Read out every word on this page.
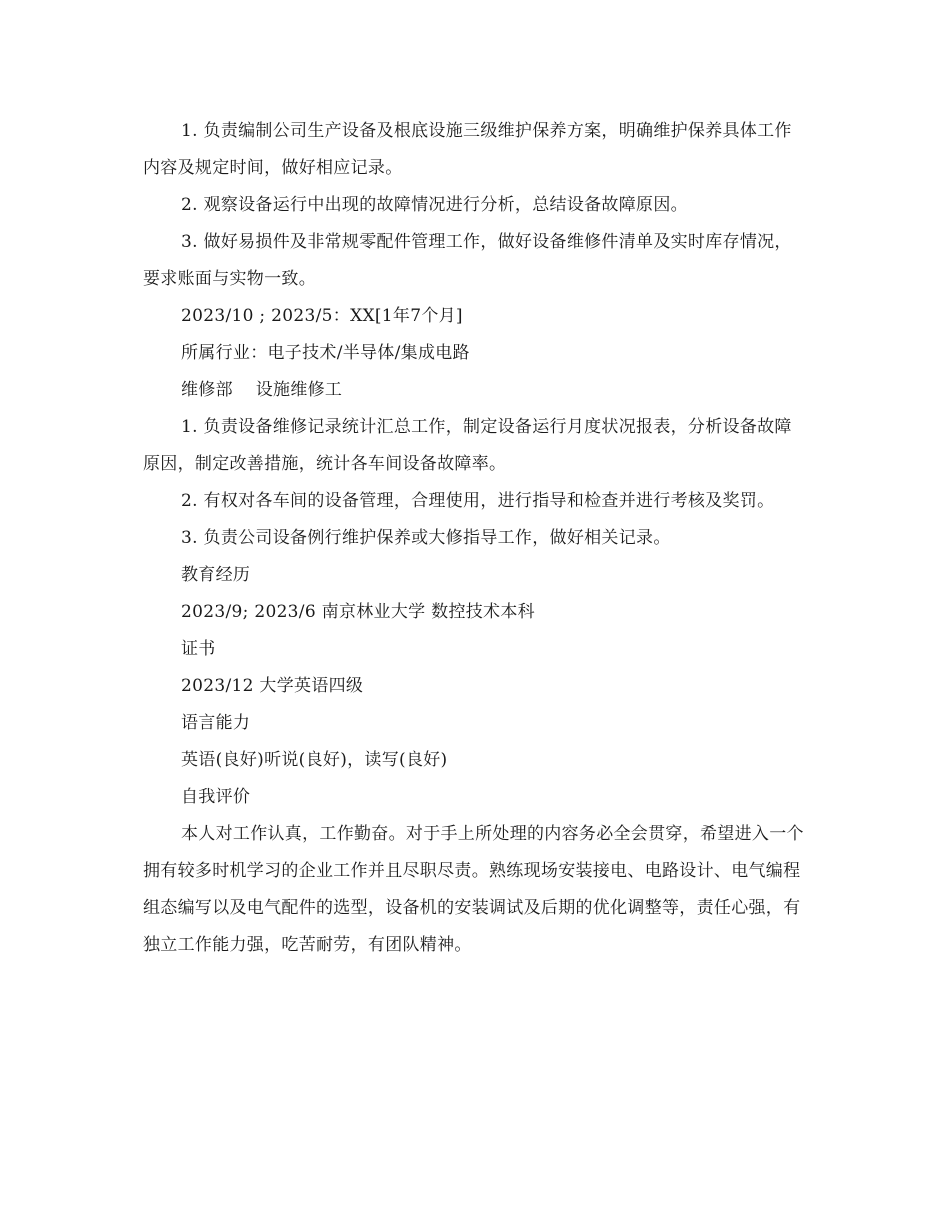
1. 负责编制公司生产设备及根底设施三级维护保养方案，明确维护保养具体工作内容及规定时间，做好相应记录。

2. 观察设备运行中出现的故障情况进行分析，总结设备故障原因。

3. 做好易损件及非常规零配件管理工作，做好设备维修件清单及实时库存情况，要求账面与实物一致。

2023/10 ; 2023/5：XX[1年7个月]

所属行业：电子技术/半导体/集成电路

维修部    设施维修工

1. 负责设备维修记录统计汇总工作，制定设备运行月度状况报表，分析设备故障原因，制定改善措施，统计各车间设备故障率。

2. 有权对各车间的设备管理，合理使用，进行指导和检查并进行考核及奖罚。

3. 负责公司设备例行维护保养或大修指导工作，做好相关记录。

教育经历

2023/9; 2023/6 南京林业大学 数控技术本科

证书

2023/12 大学英语四级

语言能力

英语(良好)听说(良好)，读写(良好)

自我评价

本人对工作认真，工作勤奋。对于手上所处理的内容务必全会贯穿，希望进入一个拥有较多时机学习的企业工作并且尽职尽责。熟练现场安装接电、电路设计、电气编程组态编写以及电气配件的选型，设备机的安装调试及后期的优化调整等，责任心强，有独立工作能力强，吃苦耐劳，有团队精神。
